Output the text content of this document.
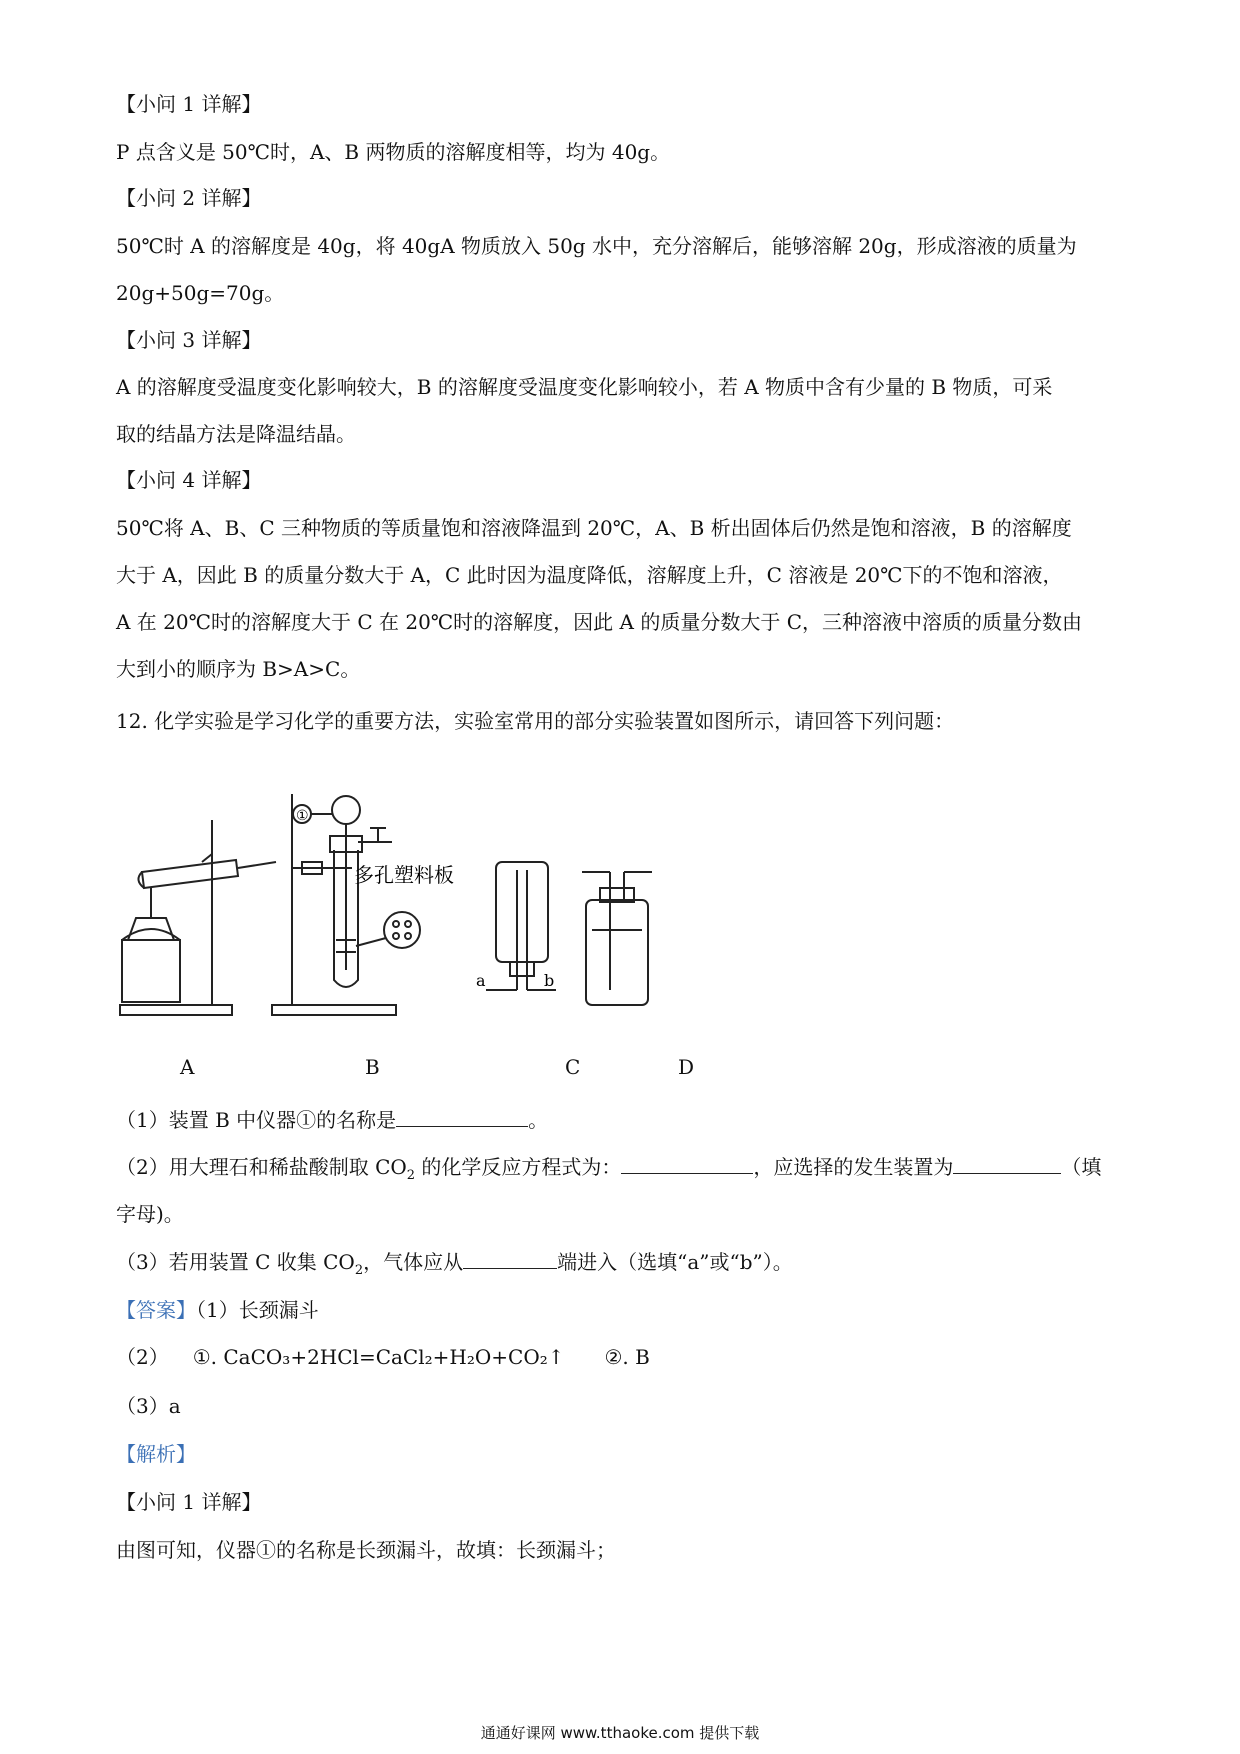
【小问 1 详解】
P 点含义是 50℃时，A、B 两物质的溶解度相等，均为 40g。
【小问 2 详解】
50℃时 A 的溶解度是 40g，将 40gA 物质放入 50g 水中，充分溶解后，能够溶解 20g，形成溶液的质量为
20g+50g=70g。
【小问 3 详解】
A 的溶解度受温度变化影响较大，B 的溶解度受温度变化影响较小，若 A 物质中含有少量的 B 物质，可采
取的结晶方法是降温结晶。
【小问 4 详解】
50℃将 A、B、C 三种物质的等质量饱和溶液降温到 20℃，A、B 析出固体后仍然是饱和溶液，B 的溶解度
大于 A，因此 B 的质量分数大于 A，C 此时因为温度降低，溶解度上升，C 溶液是 20℃下的不饱和溶液，
A 在 20℃时的溶解度大于 C 在 20℃时的溶解度，因此 A 的质量分数大于 C，三种溶液中溶质的质量分数由
大到小的顺序为 B>A>C。
12. 化学实验是学习化学的重要方法，实验室常用的部分实验装置如图所示，请回答下列问题：
①
多孔塑料板
a	b
A	B	C	D
（1）装置 B 中仪器①的名称是	。
（2）用大理石和稀盐酸制取 $CO_2$ 的化学反应方程式为：	，应选择的发生装置为	（填
字母)。
（3）若用装置 C 收集 $CO_2$，气体应从	端进入（选填“a”或“b”）。
【答案】（1）长颈漏斗
（2） ①. CaCO₃+2HCl=CaCl₂+H₂O+CO₂↑ ②. B
（3）a
【解析】
【小问 1 详解】
由图可知，仪器①的名称是长颈漏斗，故填：长颈漏斗；
通通好课网 www.tthaoke.com 提供下载
